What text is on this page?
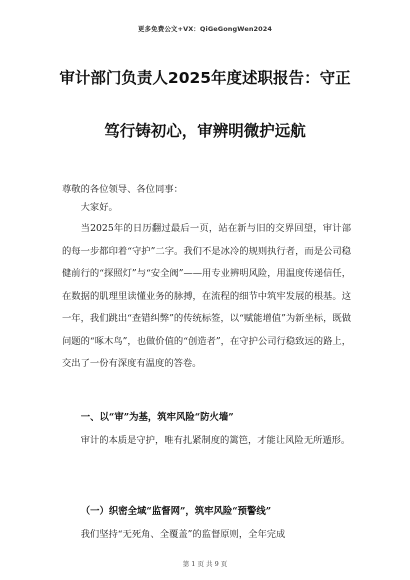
更多免费公文+VX：QiGeGongWen2024
审计部门负责人2025年度述职报告：守正
笃行铸初心，审辨明微护远航
尊敬的各位领导、各位同事：

大家好。

当2025年的日历翻过最后一页，站在新与旧的交界回望，审计部的每一步都印着“守护”二字。我们不是冰冷的规则执行者，而是公司稳健前行的“探照灯”与“安全阀”——用专业辨明风险，用温度传递信任，在数据的肌理里读懂业务的脉搏，在流程的细节中筑牢发展的根基。这一年，我们跳出“查错纠弊”的传统标签，以“赋能增值”为新坐标，既做问题的“啄木鸟”，也做价值的“创造者”，在守护公司行稳致远的路上，交出了一份有深度有温度的答卷。

一、以“审”为基，筑牢风险“防火墙”

审计的本质是守护，唯有扎紧制度的篱笆，才能让风险无所遁形。

（一）织密全域“监督网”，筑牢风险“预警线”

我们坚持“无死角、全覆盖”的监督原则，全年完成

第 1 页 共 9 页
